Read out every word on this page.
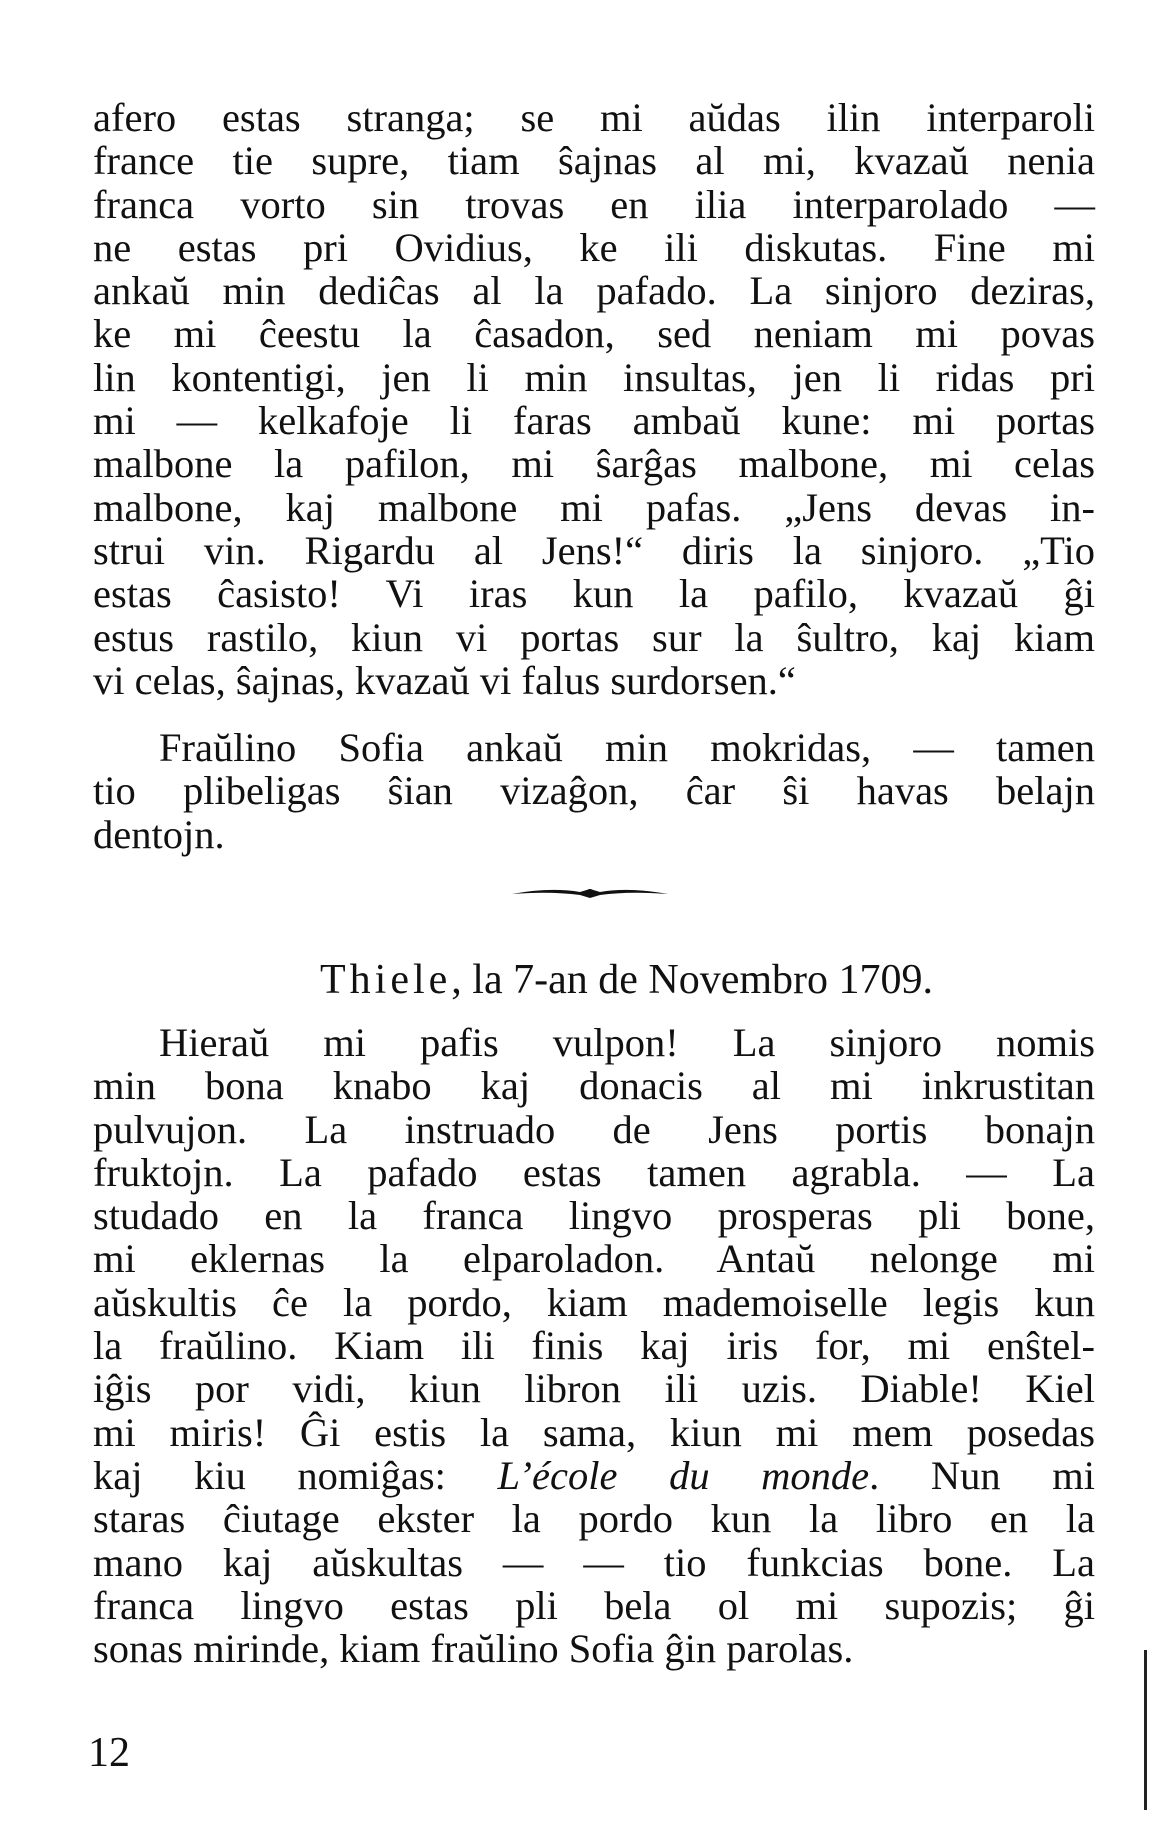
afero estas stranga; se mi aŭdas ilin interparoli
france tie supre, tiam ŝajnas al mi, kvazaŭ nenia
franca vorto sin trovas en ilia interparolado —
ne estas pri Ovidius, ke ili diskutas. Fine mi
ankaŭ min dediĉas al la pafado. La sinjoro deziras,
ke mi ĉeestu la ĉasadon, sed neniam mi povas
lin kontentigi, jen li min insultas, jen li ridas pri
mi — kelkafoje li faras ambaŭ kune: mi portas
malbone la pafilon, mi ŝarĝas malbone, mi celas
malbone, kaj malbone mi pafas. „Jens devas in-
strui vin. Rigardu al Jens!“ diris la sinjoro. „Tio
estas ĉasisto! Vi iras kun la pafilo, kvazaŭ ĝi
estus rastilo, kiun vi portas sur la ŝultro, kaj kiam
vi celas, ŝajnas, kvazaŭ vi falus surdorsen.“
Fraŭlino Sofia ankaŭ min mokridas, — tamen
tio plibeligas ŝian vizaĝon, ĉar ŝi havas belajn
dentojn.
Thiele, la 7-an de Novembro 1709.
Hieraŭ mi pafis vulpon! La sinjoro nomis
min bona knabo kaj donacis al mi inkrustitan
pulvujon. La instruado de Jens portis bonajn
fruktojn. La pafado estas tamen agrabla. — La
studado en la franca lingvo prosperas pli bone,
mi eklernas la elparoladon. Antaŭ nelonge mi
aŭskultis ĉe la pordo, kiam mademoiselle legis kun
la fraŭlino. Kiam ili finis kaj iris for, mi enŝtel-
iĝis por vidi, kiun libron ili uzis. Diable! Kiel
mi miris! Ĝi estis la sama, kiun mi mem posedas
kaj kiu nomiĝas: L’école du monde. Nun mi
staras ĉiutage ekster la pordo kun la libro en la
mano kaj aŭskultas — — tio funkcias bone. La
franca lingvo estas pli bela ol mi supozis; ĝi
sonas mirinde, kiam fraŭlino Sofia ĝin parolas.
12
